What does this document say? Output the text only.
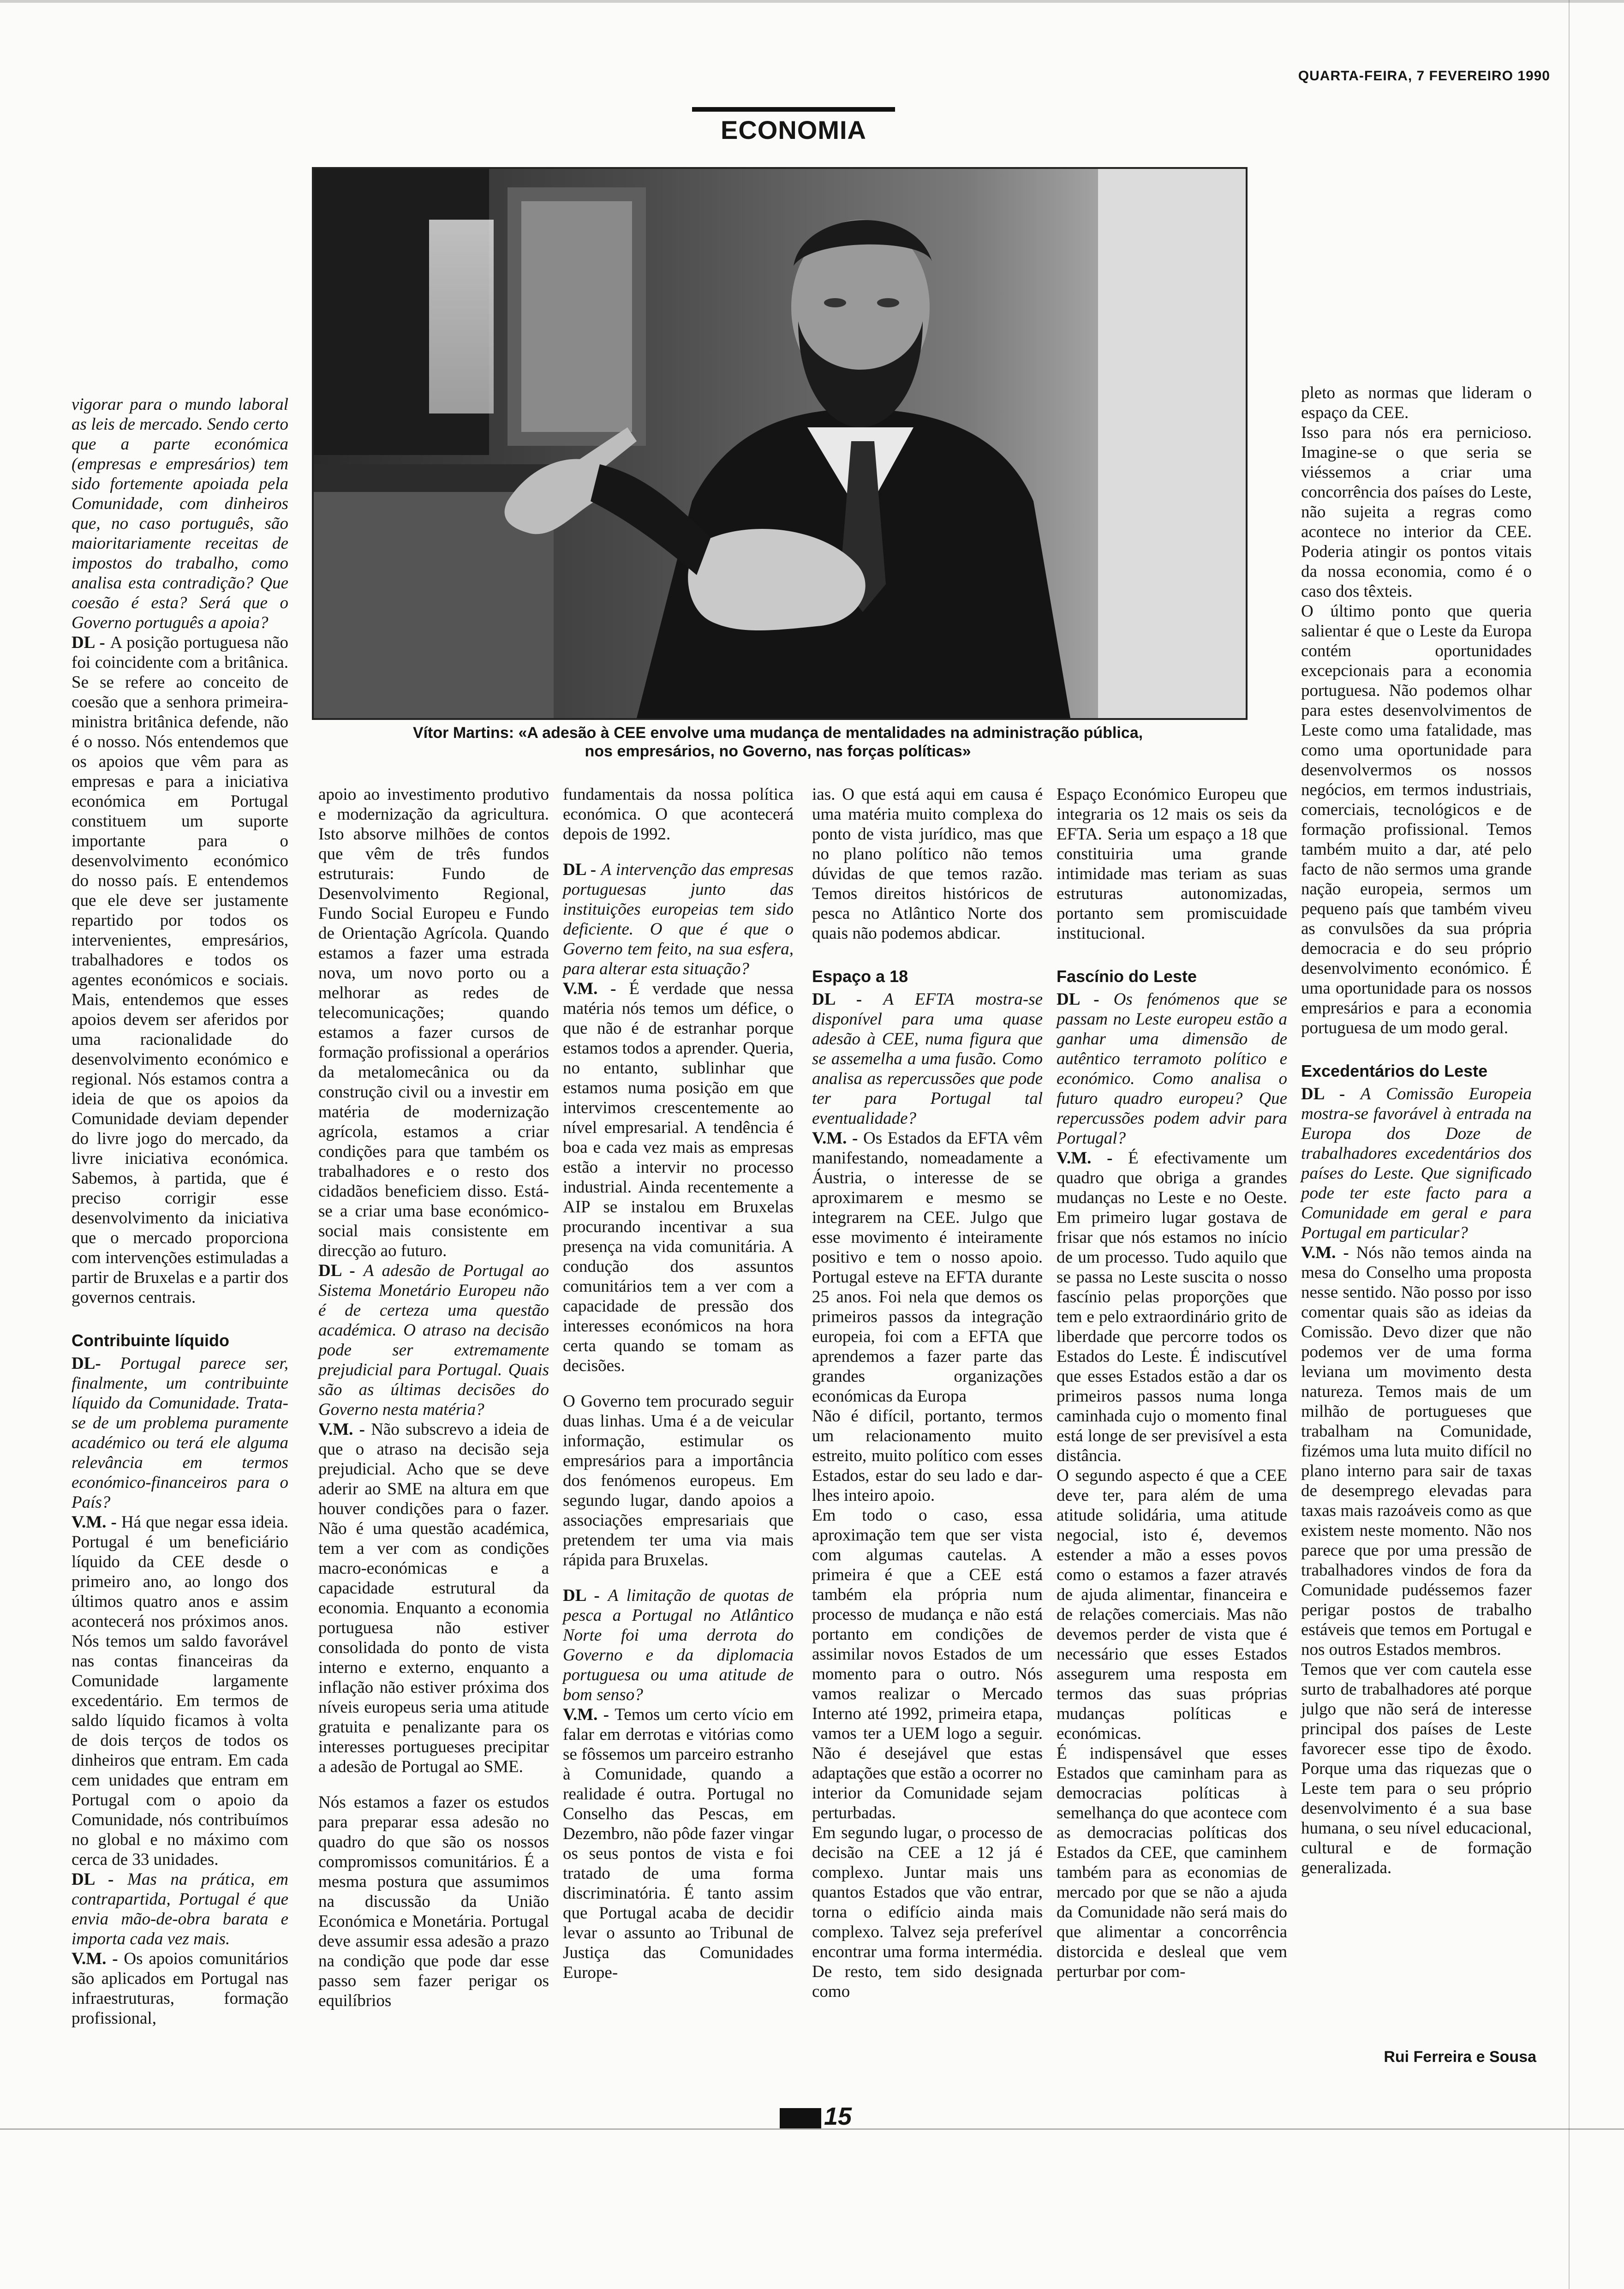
QUARTA-FEIRA, 7 FEVEREIRO 1990
ECONOMIA
Vítor Martins: «A adesão à CEE envolve uma mudança de mentalidades na administração pública,
nos empresários, no Governo, nas forças políticas»

vigorar para o mundo laboral as leis de mercado. Sendo certo que a parte económica (empresas e empresários) tem sido fortemente apoiada pela Comunidade, com dinheiros que, no caso português, são maioritariamente receitas de impostos do trabalho, como analisa esta contradição? Que coesão é esta? Será que o Governo português a apoia?

DL - A posição portuguesa não foi coincidente com a britânica. Se se refere ao conceito de coesão que a senhora primeira-ministra britânica defende, não é o nosso. Nós entendemos que os apoios que vêm para as empresas e para a iniciativa económica em Portugal constituem um suporte importante para o desenvolvimento económico do nosso país. E entendemos que ele deve ser justamente repartido por todos os intervenientes, empresários, trabalhadores e todos os agentes económicos e sociais. Mais, entendemos que esses apoios devem ser aferidos por uma racionalidade do desenvolvimento económico e regional. Nós estamos contra a ideia de que os apoios da Comunidade deviam depender do livre jogo do mercado, da livre iniciativa económica. Sabemos, à partida, que é preciso corrigir esse desenvolvimento da iniciativa que o mercado proporciona com intervenções estimuladas a partir de Bruxelas e a partir dos governos centrais.

Contribuinte líquido

DL- Portugal parece ser, finalmente, um contribuinte líquido da Comunidade. Trata-se de um problema puramente académico ou terá ele alguma relevância em termos económico-financeiros para o País?

V.M. - Há que negar essa ideia. Portugal é um beneficiário líquido da CEE desde o primeiro ano, ao longo dos últimos quatro anos e assim acontecerá nos próximos anos. Nós temos um saldo favorável nas contas financeiras da Comunidade largamente excedentário. Em termos de saldo líquido ficamos à volta de dois terços de todos os dinheiros que entram. Em cada cem unidades que entram em Portugal com o apoio da Comunidade, nós contribuímos no global e no máximo com cerca de 33 unidades.

DL - Mas na prática, em contrapartida, Portugal é que envia mão-de-obra barata e importa cada vez mais.

V.M. - Os apoios comunitários são aplicados em Portugal nas infraestruturas, formação profissional,

apoio ao investimento produtivo e modernização da agricultura. Isto absorve milhões de contos que vêm de três fundos estruturais: Fundo de Desenvolvimento Regional, Fundo Social Europeu e Fundo de Orientação Agrícola. Quando estamos a fazer uma estrada nova, um novo porto ou a melhorar as redes de telecomunicações; quando estamos a fazer cursos de formação profissional a operários da metalomecânica ou da construção civil ou a investir em matéria de modernização agrícola, estamos a criar condições para que também os trabalhadores e o resto dos cidadãos beneficiem disso. Está-se a criar uma base económico-social mais consistente em direcção ao futuro.

DL - A adesão de Portugal ao Sistema Monetário Europeu não é de certeza uma questão académica. O atraso na decisão pode ser extremamente prejudicial para Portugal. Quais são as últimas decisões do Governo nesta matéria?

V.M. - Não subscrevo a ideia de que o atraso na decisão seja prejudicial. Acho que se deve aderir ao SME na altura em que houver condições para o fazer. Não é uma questão académica, tem a ver com as condições macro-económicas e a capacidade estrutural da economia. Enquanto a economia portuguesa não estiver consolidada do ponto de vista interno e externo, enquanto a inflação não estiver próxima dos níveis europeus seria uma atitude gratuita e penalizante para os interesses portugueses precipitar a adesão de Portugal ao SME.

Nós estamos a fazer os estudos para preparar essa adesão no quadro do que são os nossos compromissos comunitários. É a mesma postura que assumimos na discussão da União Económica e Monetária. Portugal deve assumir essa adesão a prazo na condição que pode dar esse passo sem fazer perigar os equilíbrios

fundamentais da nossa política económica. O que acontecerá depois de 1992.

DL - A intervenção das empresas portuguesas junto das instituições europeias tem sido deficiente. O que é que o Governo tem feito, na sua esfera, para alterar esta situação?

V.M. - É verdade que nessa matéria nós temos um défice, o que não é de estranhar porque estamos todos a aprender. Queria, no entanto, sublinhar que estamos numa posição em que intervimos crescentemente ao nível empresarial. A tendência é boa e cada vez mais as empresas estão a intervir no processo industrial. Ainda recentemente a AIP se instalou em Bruxelas procurando incentivar a sua presença na vida comunitária. A condução dos assuntos comunitários tem a ver com a capacidade de pressão dos interesses económicos na hora certa quando se tomam as decisões.

O Governo tem procurado seguir duas linhas. Uma é a de veicular informação, estimular os empresários para a importância dos fenómenos europeus. Em segundo lugar, dando apoios a associações empresariais que pretendem ter uma via mais rápida para Bruxelas.

DL - A limitação de quotas de pesca a Portugal no Atlântico Norte foi uma derrota do Governo e da diplomacia portuguesa ou uma atitude de bom senso?

V.M. - Temos um certo vício em falar em derrotas e vitórias como se fôssemos um parceiro estranho à Comunidade, quando a realidade é outra. Portugal no Conselho das Pescas, em Dezembro, não pôde fazer vingar os seus pontos de vista e foi tratado de uma forma discriminatória. É tanto assim que Portugal acaba de decidir levar o assunto ao Tribunal de Justiça das Comunidades Europe-

ias. O que está aqui em causa é uma matéria muito complexa do ponto de vista jurídico, mas que no plano político não temos dúvidas de que temos razão. Temos direitos históricos de pesca no Atlântico Norte dos quais não podemos abdicar.

Espaço a 18

DL - A EFTA mostra-se disponível para uma quase adesão à CEE, numa figura que se assemelha a uma fusão. Como analisa as repercussões que pode ter para Portugal tal eventualidade?

V.M. - Os Estados da EFTA vêm manifestando, nomeadamente a Áustria, o interesse de se aproximarem e mesmo se integrarem na CEE. Julgo que esse movimento é inteiramente positivo e tem o nosso apoio. Portugal esteve na EFTA durante 25 anos. Foi nela que demos os primeiros passos da integração europeia, foi com a EFTA que aprendemos a fazer parte das grandes organizações económicas da Europa

Não é difícil, portanto, termos um relacionamento muito estreito, muito político com esses Estados, estar do seu lado e dar-lhes inteiro apoio.

Em todo o caso, essa aproximação tem que ser vista com algumas cautelas. A primeira é que a CEE está também ela própria num processo de mudança e não está portanto em condições de assimilar novos Estados de um momento para o outro. Nós vamos realizar o Mercado Interno até 1992, primeira etapa, vamos ter a UEM logo a seguir. Não é desejável que estas adaptações que estão a ocorrer no interior da Comunidade sejam perturbadas.

Em segundo lugar, o processo de decisão na CEE a 12 já é complexo. Juntar mais uns quantos Estados que vão entrar, torna o edifício ainda mais complexo. Talvez seja preferível encontrar uma forma intermédia. De resto, tem sido designada como

Espaço Económico Europeu que integraria os 12 mais os seis da EFTA. Seria um espaço a 18 que constituiria uma grande intimidade mas teriam as suas estruturas autonomizadas, portanto sem promiscuidade institucional.

Fascínio do Leste

DL - Os fenómenos que se passam no Leste europeu estão a ganhar uma dimensão de autêntico terramoto político e económico. Como analisa o futuro quadro europeu? Que repercussões podem advir para Portugal?

V.M. - É efectivamente um quadro que obriga a grandes mudanças no Leste e no Oeste. Em primeiro lugar gostava de frisar que nós estamos no início de um processo. Tudo aquilo que se passa no Leste suscita o nosso fascínio pelas proporções que tem e pelo extraordinário grito de liberdade que percorre todos os Estados do Leste. É indiscutível que esses Estados estão a dar os primeiros passos numa longa caminhada cujo o momento final está longe de ser previsível a esta distância.

O segundo aspecto é que a CEE deve ter, para além de uma atitude solidária, uma atitude negocial, isto é, devemos estender a mão a esses povos como o estamos a fazer através de ajuda alimentar, financeira e de relações comerciais. Mas não devemos perder de vista que é necessário que esses Estados assegurem uma resposta em termos das suas próprias mudanças políticas e económicas.

É indispensável que esses Estados que caminham para as democracias políticas à semelhança do que acontece com as democracias políticas dos Estados da CEE, que caminhem também para as economias de mercado por que se não a ajuda da Comunidade não será mais do que alimentar a concorrência distorcida e desleal que vem perturbar por com-

pleto as normas que lideram o espaço da CEE.

Isso para nós era pernicioso. Imagine-se o que seria se viéssemos a criar uma concorrência dos países do Leste, não sujeita a regras como acontece no interior da CEE. Poderia atingir os pontos vitais da nossa economia, como é o caso dos têxteis.

O último ponto que queria salientar é que o Leste da Europa contém oportunidades excepcionais para a economia portuguesa. Não podemos olhar para estes desenvolvimentos de Leste como uma fatalidade, mas como uma oportunidade para desenvolvermos os nossos negócios, em termos industriais, comerciais, tecnológicos e de formação profissional. Temos também muito a dar, até pelo facto de não sermos uma grande nação europeia, sermos um pequeno país que também viveu as convulsões da sua própria democracia e do seu próprio desenvolvimento económico. É uma oportunidade para os nossos empresários e para a economia portuguesa de um modo geral.

Excedentários do Leste

DL - A Comissão Europeia mostra-se favorável à entrada na Europa dos Doze de trabalhadores excedentários dos países do Leste. Que significado pode ter este facto para a Comunidade em geral e para Portugal em particular?

V.M. - Nós não temos ainda na mesa do Conselho uma proposta nesse sentido. Não posso por isso comentar quais são as ideias da Comissão. Devo dizer que não podemos ver de uma forma leviana um movimento desta natureza. Temos mais de um milhão de portugueses que trabalham na Comunidade, fizémos uma luta muito difícil no plano interno para sair de taxas de desemprego elevadas para taxas mais razoáveis como as que existem neste momento. Não nos parece que por uma pressão de trabalhadores vindos de fora da Comunidade pudéssemos fazer perigar postos de trabalho estáveis que temos em Portugal e nos outros Estados membros.

Temos que ver com cautela esse surto de trabalhadores até porque julgo que não será de interesse principal dos países de Leste favorecer esse tipo de êxodo. Porque uma das riquezas que o Leste tem para o seu próprio desenvolvimento é a sua base humana, o seu nível educacional, cultural e de formação generalizada.

Rui Ferreira e Sousa
15
